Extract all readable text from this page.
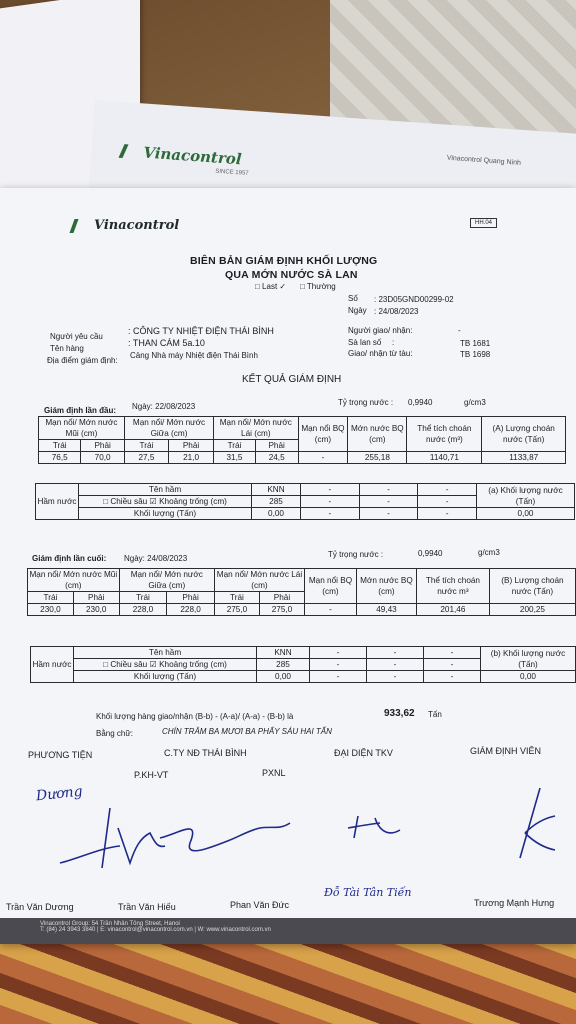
Vinacontrol
SINCE 1957
Vinacontrol Quang Ninh
Vinacontrol	HH.04
BIÊN BẢN GIÁM ĐỊNH KHỐI LƯỢNG
QUA MỚN NƯỚC SÀ LAN
□ Last ✓ □ Thường
Số : 23D05GND00299-02
Ngày : 24/08/2023
Người yêu cầu
: CÔNG TY NHIỆT ĐIỆN THÁI BÌNH
Tên hàng
: THAN CÁM 5a.10
Địa điểm giám định:
Cảng Nhà máy Nhiệt điện Thái Bình
Người giao/ nhận:	-
Sà lan số :	TB 1681
Giao/ nhận từ tàu:	TB 1698
KẾT QUẢ GIÁM ĐỊNH
Giám định lần đầu: Ngày: 22/08/2023	Tỷ trọng nước : 0,9940	g/cm3
Mạn nổi/ Mớn nước Mũi (cm)		Mạn nổi/ Mớn nước Giữa (cm)		Mạn nổi/ Mớn nước Lái (cm)		Mạn nổi BQ (cm)	Mớn nước BQ (cm)	Thể tích choán nước (m³)	(A) Lượng choán nước (Tấn)
Trái	Phải	Trái	Phải	Trái	Phải				
76,5	70,0	27,5	21,0	31,5	24,5	-	255,18	1140,71	1133,87
Hầm nước	Tên hầm	KNN	-	-	-	(a) Khối lượng nước (Tấn)
	□ Chiều sâu ☑ Khoảng trống (cm)	285	-	-	-	
	Khối lượng (Tấn)	0,00	-	-	-	0,00
Giám định lần cuối: Ngày: 24/08/2023	Tỷ trọng nước :	0,9940	g/cm3
Mạn nổi/ Mớn nước Mũi (cm)		Mạn nổi/ Mớn nước Giữa (cm)		Mạn nổi/ Mớn nước Lái (cm)		Mạn nổi BQ (cm)	Mớn nước BQ (cm)	Thể tích choán nước m³	(B) Lượng choán nước (Tấn)
Trái	Phải	Trái	Phải	Trái	Phải				
230,0	230,0	228,0	228,0	275,0	275,0	-	49,43	201,46	200,25
Hầm nước	Tên hầm	KNN	-	-	-	(b) Khối lượng nước (Tấn)
	□ Chiều sâu ☑ Khoảng trống (cm)	285	-	-	-	
	Khối lượng (Tấn)	0,00	-	-	-	0,00
Khối lượng hàng giao/nhận (B-b) - (A-a)/ (A-a) - (B-b) là	933,62 Tấn
Bằng chữ:	CHÍN TRĂM BA MƯƠI BA PHẨY SÁU HAI TẤN
PHƯƠNG TIỆN	C.TY NĐ THÁI BÌNH	ĐẠI DIỆN TKV	GIÁM ĐỊNH VIÊN
P.KH-VT	PXNL
Dương
Trần Văn Dương	Trần Văn Hiếu	Phan Văn Đức
Đỗ Tài Tân Tiến
Trương Mạnh Hưng
Vinacontrol Group: 54 Trần Nhân Tông Street, Hanoi
T: (84) 24 3943 3840 | E: vinacontrol@vinacontrol.com.vn | W: www.vinacontrol.com.vn
